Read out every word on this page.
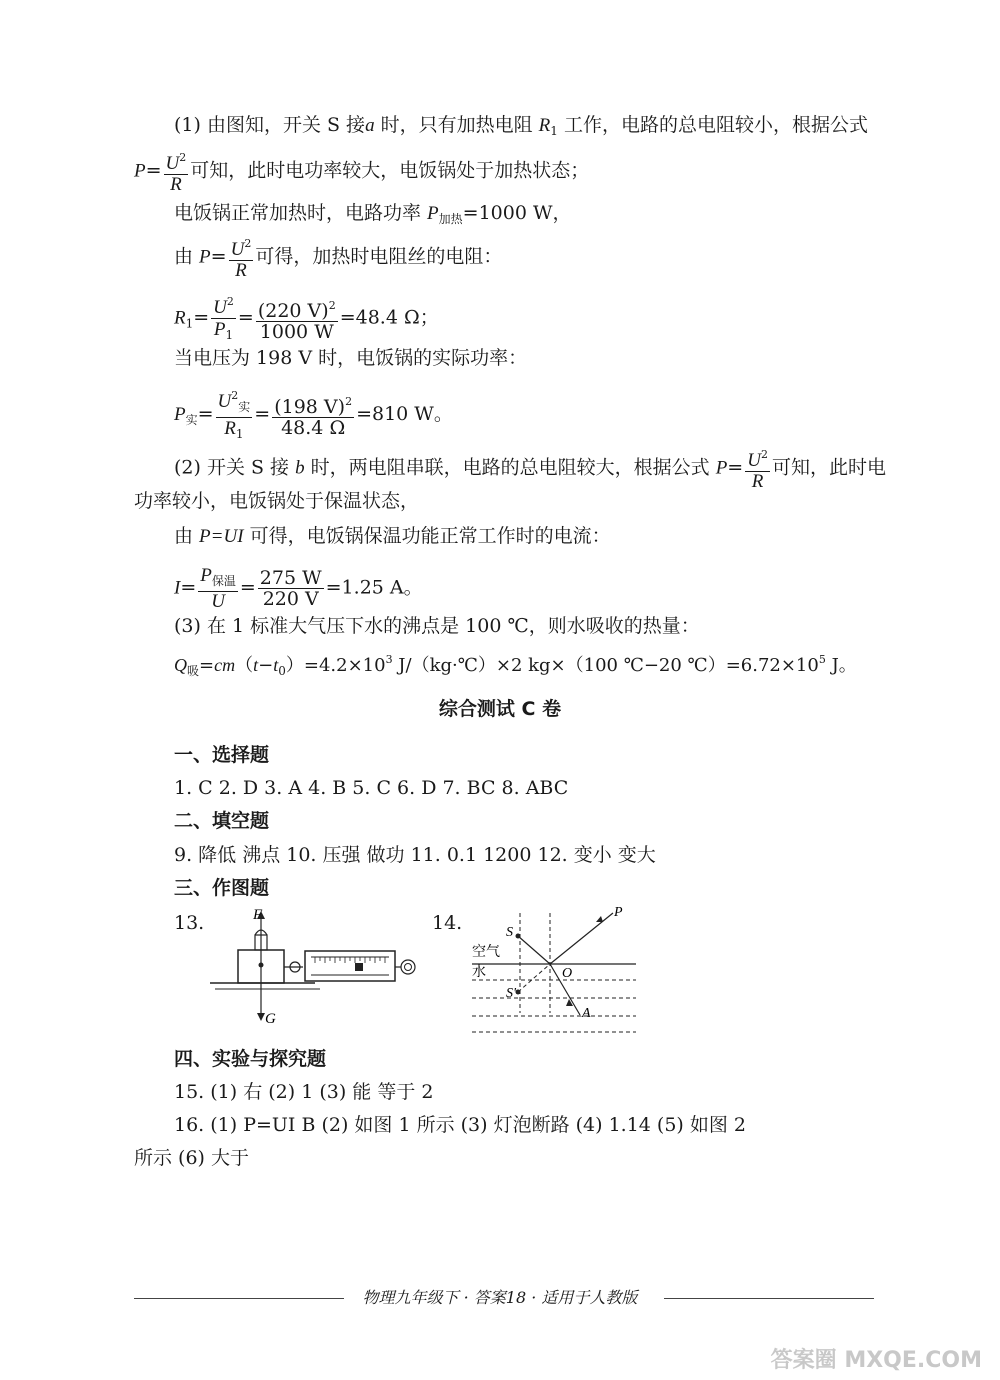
(1) 由图知，开关 S 接a 时，只有加热电阻 $R_1$ 工作，电路的总电阻较小，根据公式
$P= \frac{U^2}{R}$ 可知，此时电功率较大，电饭锅处于加热状态；
电饭锅正常加热时，电路功率 $P_{加热}=1000$ W，
由 $P= \frac{U^2}{R}$ 可得，加热时电阻丝的电阻：
$R_1= \frac{U^2}{P_1} = \frac{(220 V)^2}{1000 W} =48.4$ Ω；
当电压为 198 V 时，电饭锅的实际功率：
$P_实= \frac{U^2_实}{R_1} = \frac{(198 V)^2}{48.4 \Omega} =810$ W。
(2) 开关 S 接 b 时，两电阻串联，电路的总电阻较大，根据公式 $P= \frac{U^2}{R}$ 可知，此时电
功率较小，电饭锅处于保温状态，
由 P=UI 可得，电饭锅保温功能正常工作时的电流：
$I= \frac{P_{保温}}{U} = \frac{275 W}{220 V} =1.25$ A。
(3) 在 1 标准大气压下水的沸点是 100 ℃，则水吸收的热量：
$Q_吸=cm(t-t_0)=4.2\times 10^3$ J/（kg·℃）×2 kg×（100 ℃−20 $℃)=6.72\times 10^5$ J。
综合测试 C 卷
一、选择题
1. C 2. D 3. A 4. B 5. C 6. D 7. BC 8. ABC
二、填空题
9. 降低 沸点 10. 压强 做功 11. 0.1 1200 12. 变小 变大
三、作图题
13.	14.
F
G
S
P
O
S'
A
空气
水
四、实验与探究题
15. (1) 右 (2) 1 (3) 能 等于 2
16. (1) P=UI B (2) 如图 1 所示 (3) 灯泡断路 (4) 1.14 (5) 如图 2
所示 (6) 大于
物理九年级下 · 答案18 · 适用于人教版
答案圈 MXQE.COM
